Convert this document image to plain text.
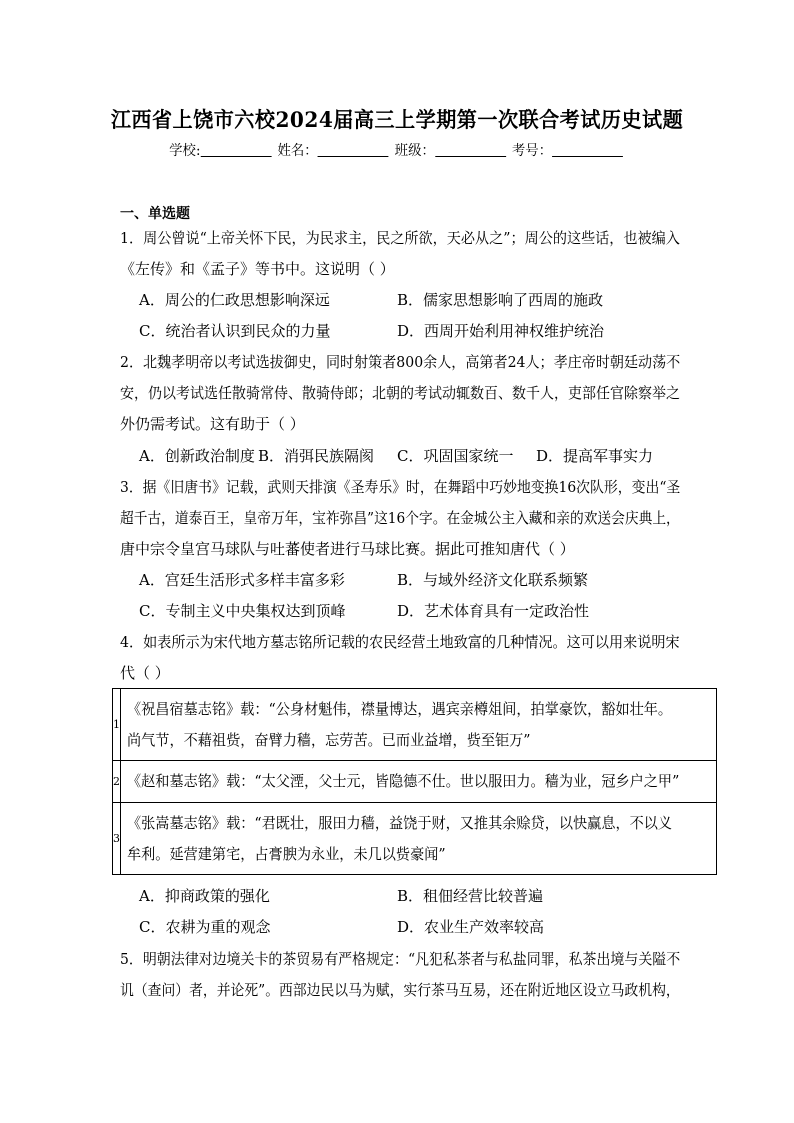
江西省上饶市六校2024届高三上学期第一次联合考试历史试题
学校:	姓名：	班级：	考号：
一、单选题
1．周公曾说“上帝关怀下民，为民求主，民之所欲，天必从之”；周公的这些话，也被编入
《左传》和《孟子》等书中。这说明（ ）
A．周公的仁政思想影响深远	B．儒家思想影响了西周的施政
C．统治者认识到民众的力量	D．西周开始利用神权维护统治
2．北魏孝明帝以考试选拔御史，同时射策者800余人，高第者24人；孝庄帝时朝廷动荡不
安，仍以考试选任散骑常侍、散骑侍郎；北朝的考试动辄数百、数千人，吏部任官除察举之
外仍需考试。这有助于（ ）
A．创新政治制度 B．消弭民族隔阂 C．巩固国家统一 D．提高军事实力
3．据《旧唐书》记载，武则天排演《圣寿乐》时，在舞蹈中巧妙地变换16次队形，变出“圣
超千古，道泰百王，皇帝万年，宝祚弥昌”这16个字。在金城公主入藏和亲的欢送会庆典上，
唐中宗令皇宫马球队与吐蕃使者进行马球比赛。据此可推知唐代（ ）
A．宫廷生活形式多样丰富多彩	B．与域外经济文化联系频繁
C．专制主义中央集权达到顶峰	D．艺术体育具有一定政治性
4．如表所示为宋代地方墓志铭所记载的农民经营土地致富的几种情况。这可以用来说明宋
代（ ）
1	《祝昌宿墓志铭》载：“公身材魁伟，襟量博达，遇宾亲樽俎间，拍掌豪饮，豁如壮年。
尚气节，不藉祖赀，奋臂力穑，忘劳苦。已而业益增，赀至钜万”

2	《赵和墓志铭》载：“太父湮，父士元，皆隐德不仕。世以服田力。穑为业，冠乡户之甲”

3	《张嵩墓志铭》载：“君既壮，服田力穑，益饶于财，又推其余赊贷，以快赢息，不以义
牟利。延营建第宅，占膏腴为永业，未几以赀豪闻”
A．抑商政策的强化	B．租佃经营比较普遍
C．农耕为重的观念	D．农业生产效率较高
5．明朝法律对边境关卡的茶贸易有严格规定：“凡犯私茶者与私盐同罪，私茶出境与关隘不
讥（查问）者，并论死”。西部边民以马为赋，实行茶马互易，还在附近地区设立马政机构，
